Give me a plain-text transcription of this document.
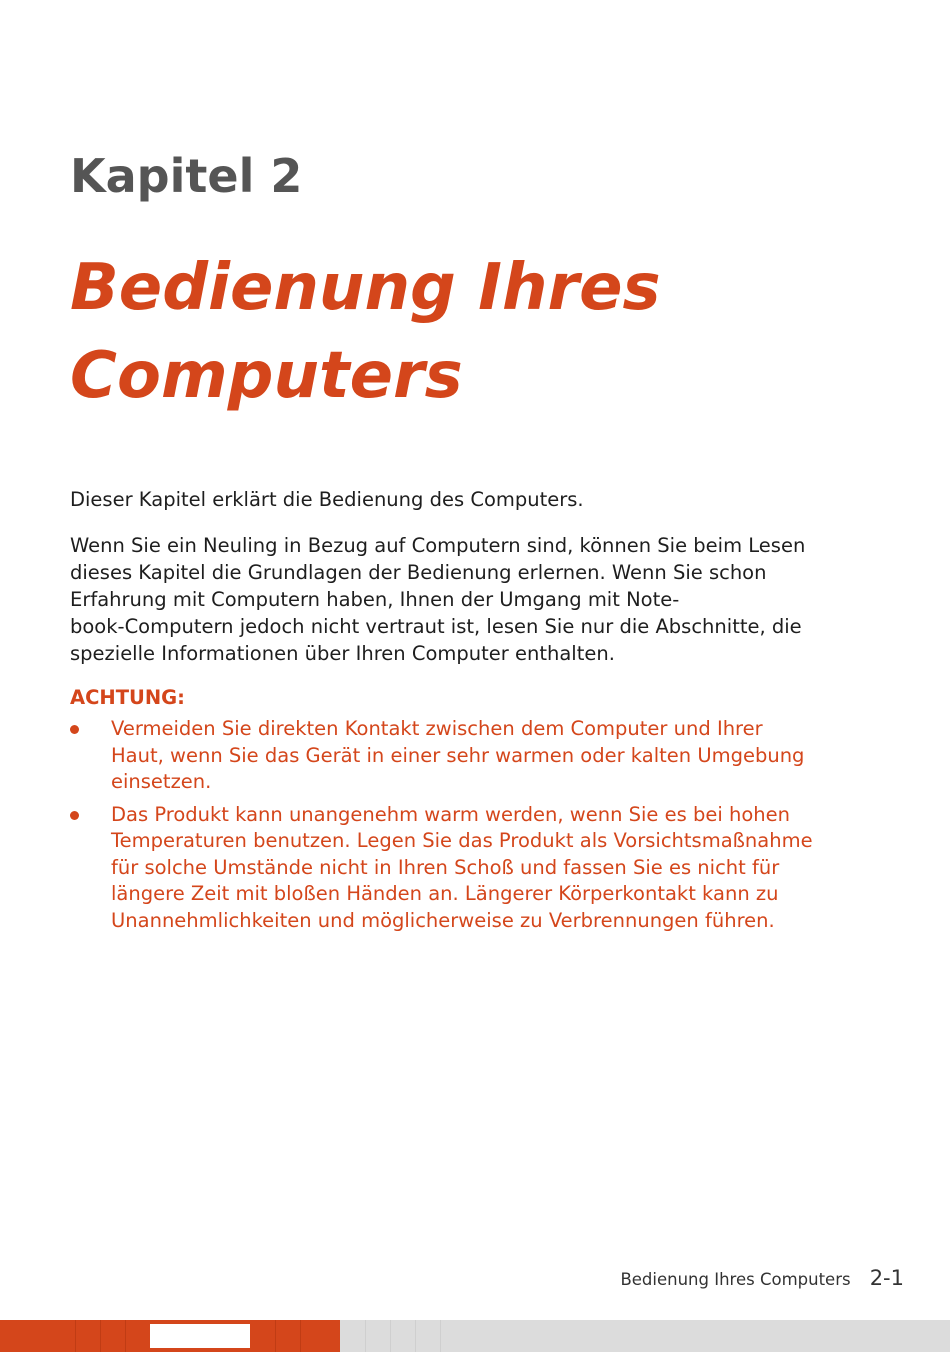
Kapitel 2
Bedienung Ihres
Computers

Dieser Kapitel erklärt die Bedienung des Computers.

Wenn Sie ein Neuling in Bezug auf Computern sind, können Sie beim Lesen
dieses Kapitel die Grundlagen der Bedienung erlernen. Wenn Sie schon
Erfahrung mit Computern haben, Ihnen der Umgang mit Note-
book-Computern jedoch nicht vertraut ist, lesen Sie nur die Abschnitte, die
spezielle Informationen über Ihren Computer enthalten.

ACHTUNG:
Vermeiden Sie direkten Kontakt zwischen dem Computer und Ihrer
Haut, wenn Sie das Gerät in einer sehr warmen oder kalten Umgebung
einsetzen.
Das Produkt kann unangenehm warm werden, wenn Sie es bei hohen
Temperaturen benutzen. Legen Sie das Produkt als Vorsichtsmaßnahme
für solche Umstände nicht in Ihren Schoß und fassen Sie es nicht für
längere Zeit mit bloßen Händen an. Längerer Körperkontakt kann zu
Unannehmlichkeiten und möglicherweise zu Verbrennungen führen.
Bedienung Ihres Computers 2-1
